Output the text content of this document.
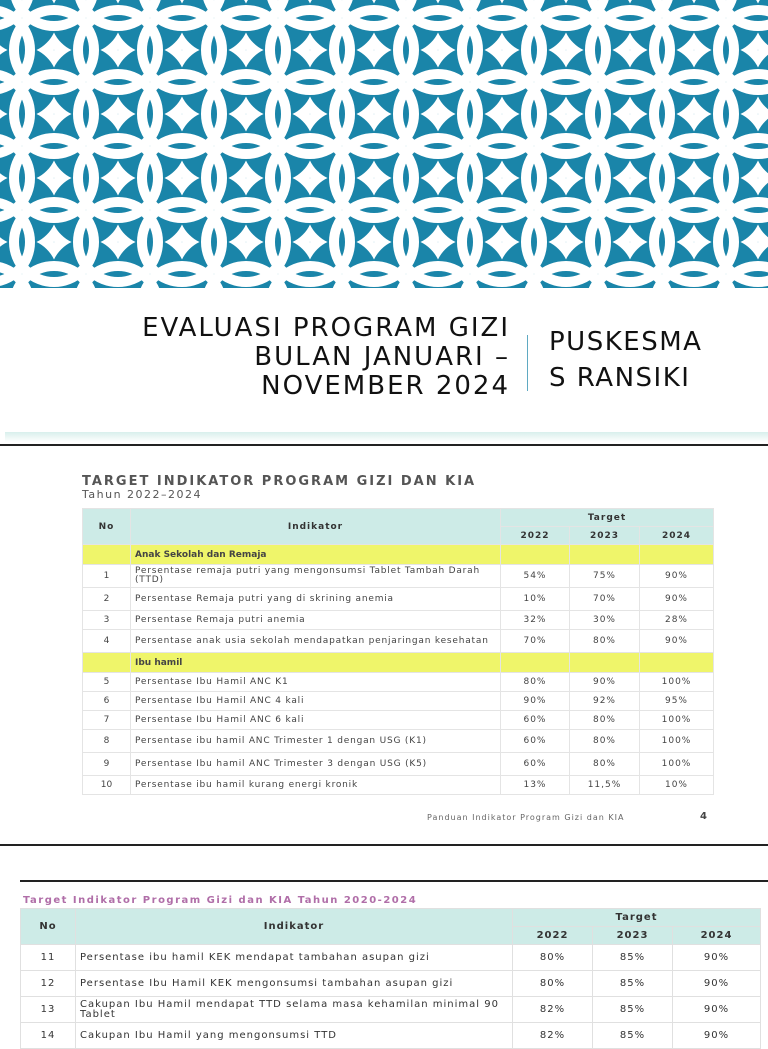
EVALUASI PROGRAM GIZI
BULAN JANUARI –
NOVEMBER 2024
PUSKESMA
S RANSIKI
TARGET INDIKATOR PROGRAM GIZI DAN KIA
Tahun 2022–2024
No	Indikator	Target		
		2022	2023	2024
	Anak Sekolah dan Remaja			
1	Persentase remaja putri yang mengonsumsi Tablet Tambah Darah (TTD)	54%	75%	90%
2	Persentase Remaja putri yang di skrining anemia	10%	70%	90%
3	Persentase Remaja putri anemia	32%	30%	28%
4	Persentase anak usia sekolah mendapatkan penjaringan kesehatan	70%	80%	90%
	Ibu hamil			
5	Persentase Ibu Hamil ANC K1	80%	90%	100%
6	Persentase Ibu Hamil ANC 4 kali	90%	92%	95%
7	Persentase Ibu Hamil ANC 6 kali	60%	80%	100%
8	Persentase ibu hamil ANC Trimester 1 dengan USG (K1)	60%	80%	100%
9	Persentase Ibu hamil ANC Trimester 3 dengan USG (K5)	60%	80%	100%
10	Persentase ibu hamil kurang energi kronik	13%	11,5%	10%
Panduan Indikator Program Gizi dan KIA	4
Target Indikator Program Gizi dan KIA Tahun 2020-2024
No	Indikator	Target		
		2022	2023	2024
11	Persentase ibu hamil KEK mendapat tambahan asupan gizi	80%	85%	90%
12	Persentase Ibu Hamil KEK mengonsumsi tambahan asupan gizi	80%	85%	90%
13	Cakupan Ibu Hamil mendapat TTD selama masa kehamilan minimal 90 Tablet	82%	85%	90%
14	Cakupan Ibu Hamil yang mengonsumsi TTD	82%	85%	90%
